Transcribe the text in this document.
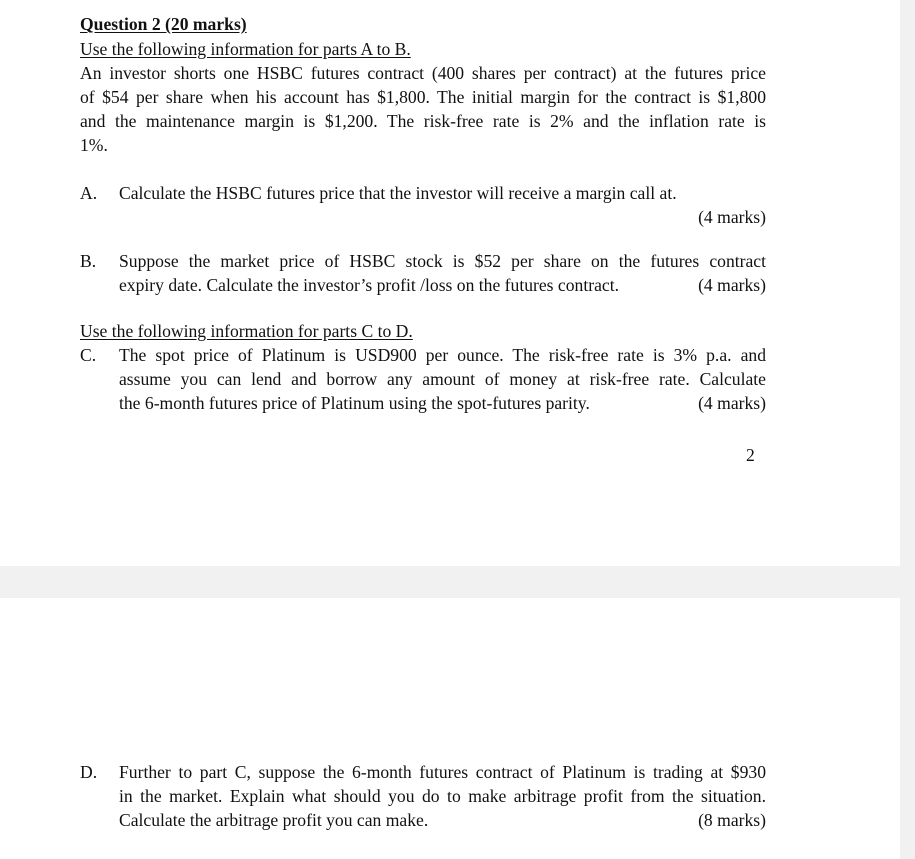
Question 2 (20 marks)
Use the following information for parts A to B.
An investor shorts one HSBC futures contract (400 shares per contract) at the futures price
of $54 per share when his account has $1,800. The initial margin for the contract is $1,800
and the maintenance margin is $1,200. The risk-free rate is 2% and the inflation rate is
1%.
A. Calculate the HSBC futures price that the investor will receive a margin call at.
(4 marks)
B. Suppose the market price of HSBC stock is $52 per share on the futures contract
expiry date. Calculate the investor’s profit /loss on the futures contract.	(4 marks)
Use the following information for parts C to D.
C. The spot price of Platinum is USD900 per ounce. The risk-free rate is 3% p.a. and
assume you can lend and borrow any amount of money at risk-free rate. Calculate
the 6-month futures price of Platinum using the spot-futures parity.	(4 marks)
2
D. Further to part C, suppose the 6-month futures contract of Platinum is trading at $930
in the market. Explain what should you do to make arbitrage profit from the situation.
Calculate the arbitrage profit you can make.	(8 marks)
